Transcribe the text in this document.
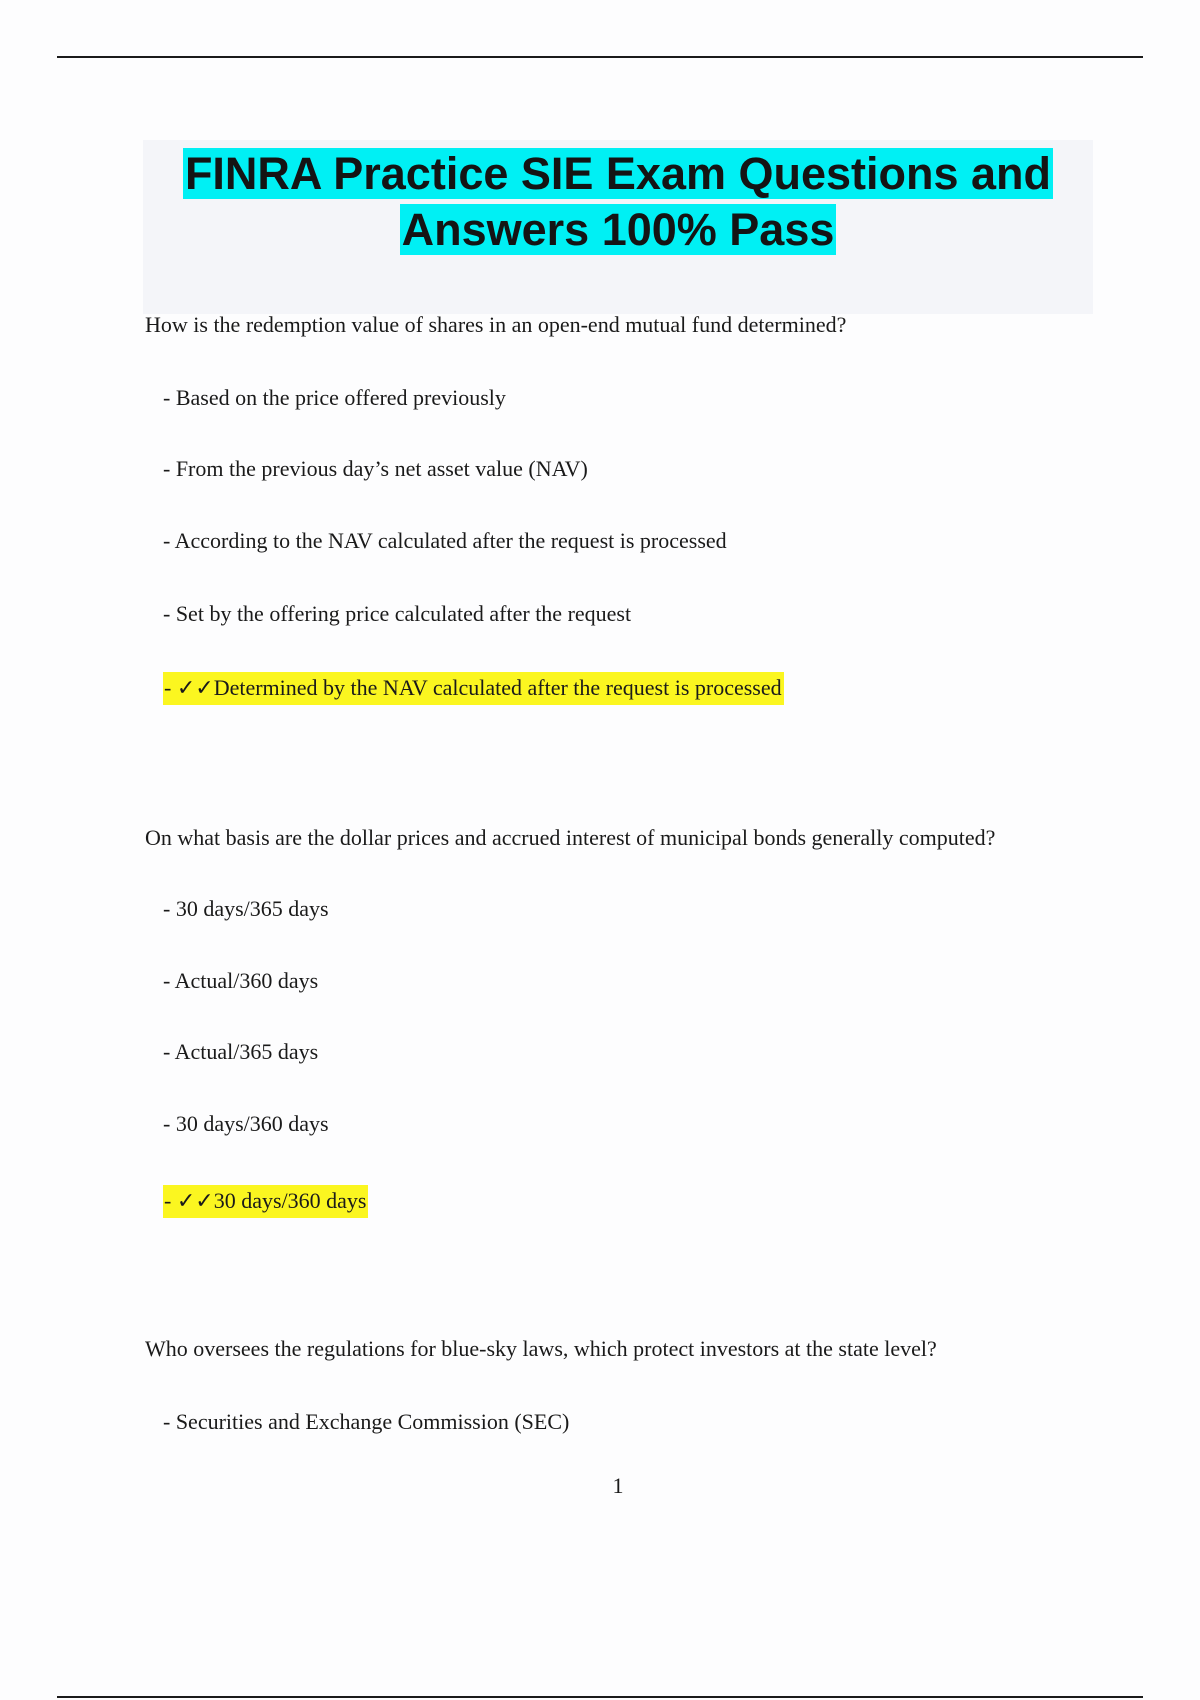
FINRA Practice SIE Exam Questions and
Answers 100% Pass
How is the redemption value of shares in an open-end mutual fund determined?
- Based on the price offered previously
- From the previous day’s net asset value (NAV)
- According to the NAV calculated after the request is processed
- Set by the offering price calculated after the request
- ✓✓Determined by the NAV calculated after the request is processed
On what basis are the dollar prices and accrued interest of municipal bonds generally computed?
- 30 days/365 days
- Actual/360 days
- Actual/365 days
- 30 days/360 days
- ✓✓30 days/360 days
Who oversees the regulations for blue-sky laws, which protect investors at the state level?
- Securities and Exchange Commission (SEC)
1
